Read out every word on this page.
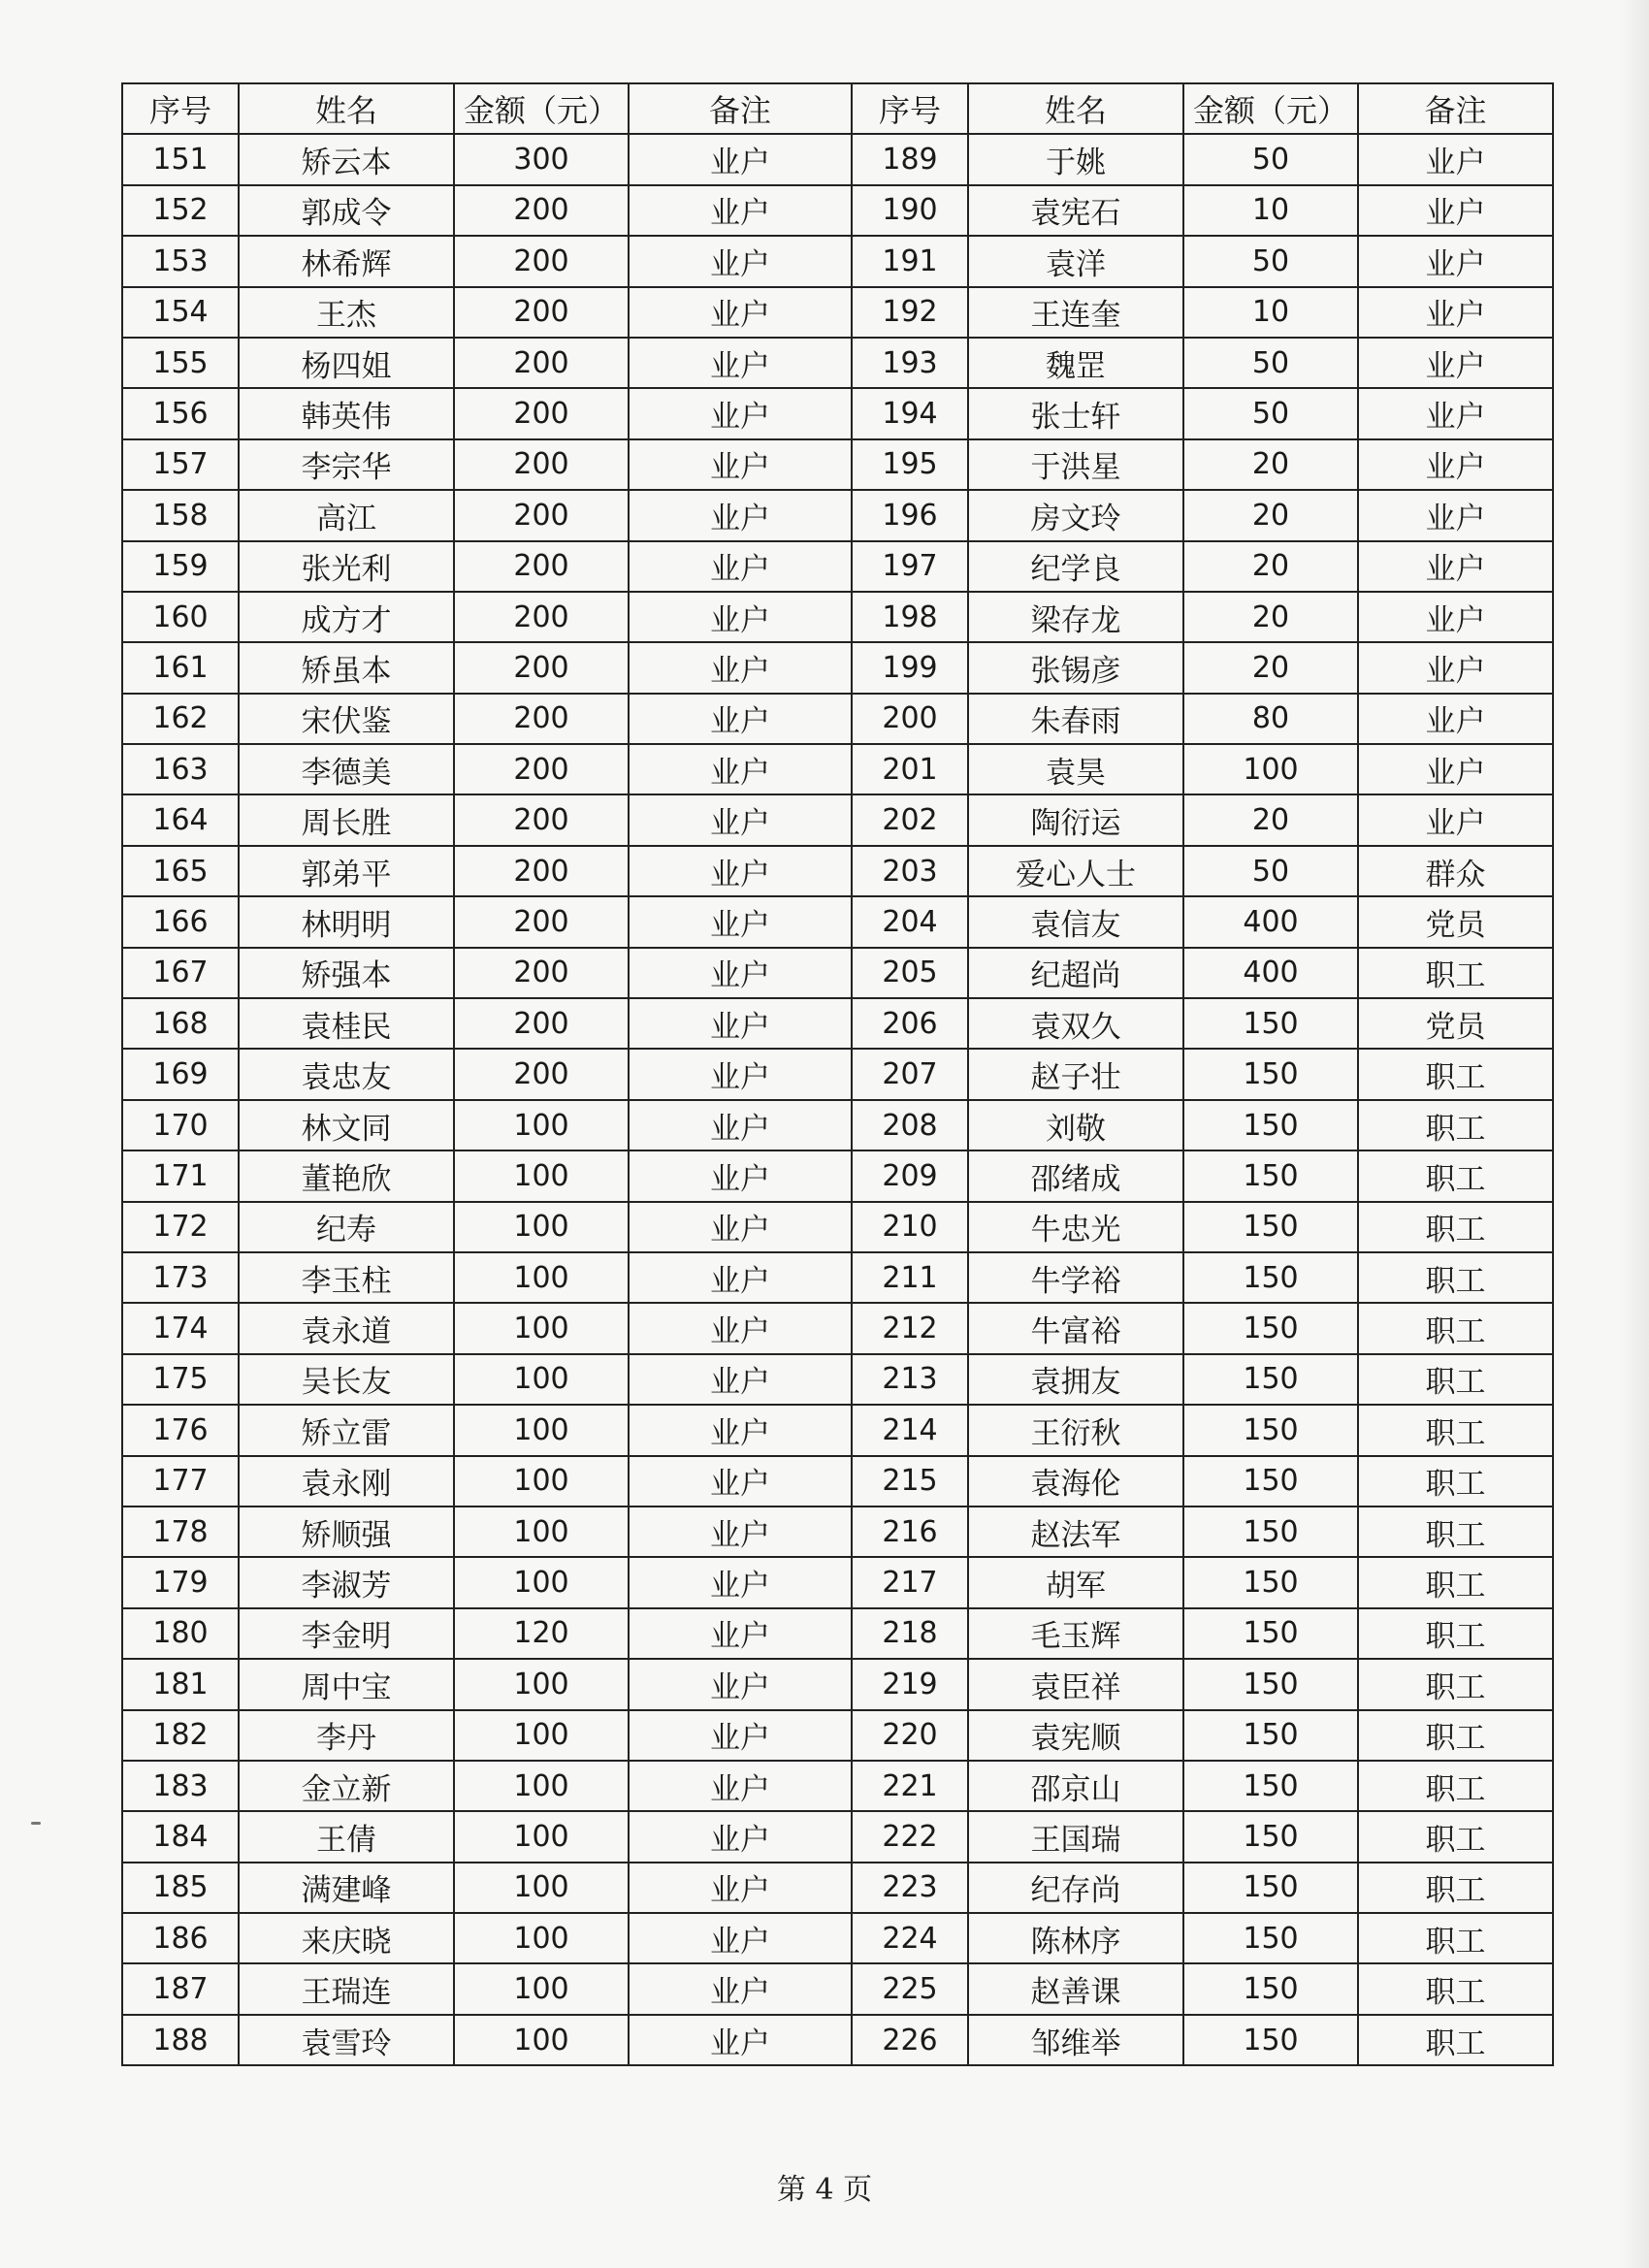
序号	姓名	金额（元）	备注	序号	姓名	金额（元）	备注
151	矫云本	300	业户	189	于姚	50	业户
152	郭成令	200	业户	190	袁宪石	10	业户
153	林希辉	200	业户	191	袁洋	50	业户
154	王杰	200	业户	192	王连奎	10	业户
155	杨四姐	200	业户	193	魏罡	50	业户
156	韩英伟	200	业户	194	张士轩	50	业户
157	李宗华	200	业户	195	于洪星	20	业户
158	高江	200	业户	196	房文玲	20	业户
159	张光利	200	业户	197	纪学良	20	业户
160	成方才	200	业户	198	梁存龙	20	业户
161	矫虽本	200	业户	199	张锡彦	20	业户
162	宋伏鉴	200	业户	200	朱春雨	80	业户
163	李德美	200	业户	201	袁昊	100	业户
164	周长胜	200	业户	202	陶衍运	20	业户
165	郭弟平	200	业户	203	爱心人士	50	群众
166	林明明	200	业户	204	袁信友	400	党员
167	矫强本	200	业户	205	纪超尚	400	职工
168	袁桂民	200	业户	206	袁双久	150	党员
169	袁忠友	200	业户	207	赵子壮	150	职工
170	林文同	100	业户	208	刘敬	150	职工
171	董艳欣	100	业户	209	邵绪成	150	职工
172	纪寿	100	业户	210	牛忠光	150	职工
173	李玉柱	100	业户	211	牛学裕	150	职工
174	袁永道	100	业户	212	牛富裕	150	职工
175	吴长友	100	业户	213	袁拥友	150	职工
176	矫立雷	100	业户	214	王衍秋	150	职工
177	袁永刚	100	业户	215	袁海伦	150	职工
178	矫顺强	100	业户	216	赵法军	150	职工
179	李淑芳	100	业户	217	胡军	150	职工
180	李金明	120	业户	218	毛玉辉	150	职工
181	周中宝	100	业户	219	袁臣祥	150	职工
182	李丹	100	业户	220	袁宪顺	150	职工
183	金立新	100	业户	221	邵京山	150	职工
184	王倩	100	业户	222	王国瑞	150	职工
185	满建峰	100	业户	223	纪存尚	150	职工
186	来庆晓	100	业户	224	陈林序	150	职工
187	王瑞连	100	业户	225	赵善课	150	职工
188	袁雪玲	100	业户	226	邹维举	150	职工
第 4 页
